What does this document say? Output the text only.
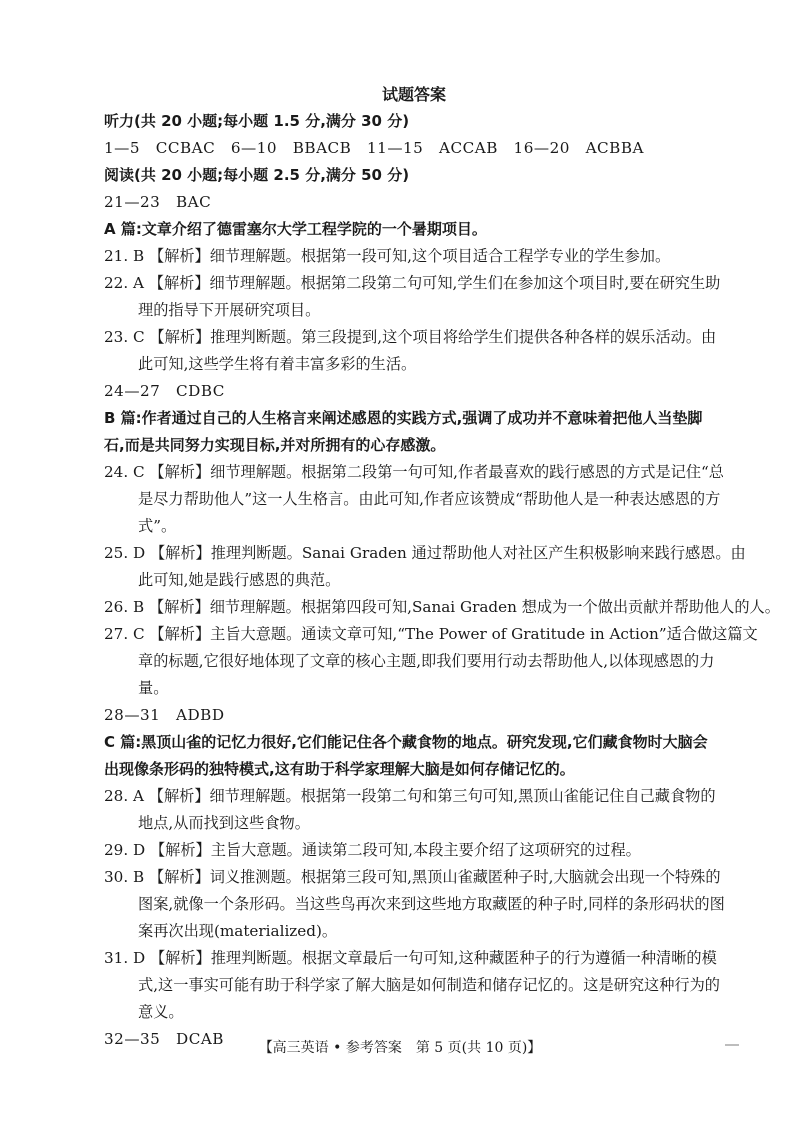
试题答案
听力(共 20 小题;每小题 1.5 分,满分 30 分)
1—5　CCBAC　6—10　BBACB　11—15　ACCAB　16—20　ACBBA
阅读(共 20 小题;每小题 2.5 分,满分 50 分)
21—23　BAC
A 篇:文章介绍了德雷塞尔大学工程学院的一个暑期项目。
21. B 【解析】细节理解题。根据第一段可知,这个项目适合工程学专业的学生参加。
22. A 【解析】细节理解题。根据第二段第二句可知,学生们在参加这个项目时,要在研究生助
理的指导下开展研究项目。
23. C 【解析】推理判断题。第三段提到,这个项目将给学生们提供各种各样的娱乐活动。由
此可知,这些学生将有着丰富多彩的生活。
24—27　CDBC
B 篇:作者通过自己的人生格言来阐述感恩的实践方式,强调了成功并不意味着把他人当垫脚
石,而是共同努力实现目标,并对所拥有的心存感激。
24. C 【解析】细节理解题。根据第二段第一句可知,作者最喜欢的践行感恩的方式是记住“总
是尽力帮助他人”这一人生格言。由此可知,作者应该赞成“帮助他人是一种表达感恩的方
式”。
25. D 【解析】推理判断题。Sanai Graden 通过帮助他人对社区产生积极影响来践行感恩。由
此可知,她是践行感恩的典范。
26. B 【解析】细节理解题。根据第四段可知,Sanai Graden 想成为一个做出贡献并帮助他人的人。
27. C 【解析】主旨大意题。通读文章可知,“The Power of Gratitude in Action”适合做这篇文
章的标题,它很好地体现了文章的核心主题,即我们要用行动去帮助他人,以体现感恩的力
量。
28—31　ADBD
C 篇:黑顶山雀的记忆力很好,它们能记住各个藏食物的地点。研究发现,它们藏食物时大脑会
出现像条形码的独特模式,这有助于科学家理解大脑是如何存储记忆的。
28. A 【解析】细节理解题。根据第一段第二句和第三句可知,黑顶山雀能记住自己藏食物的
地点,从而找到这些食物。
29. D 【解析】主旨大意题。通读第二段可知,本段主要介绍了这项研究的过程。
30. B 【解析】词义推测题。根据第三段可知,黑顶山雀藏匿种子时,大脑就会出现一个特殊的
图案,就像一个条形码。当这些鸟再次来到这些地方取藏匿的种子时,同样的条形码状的图
案再次出现(materialized)。
31. D 【解析】推理判断题。根据文章最后一句可知,这种藏匿种子的行为遵循一种清晰的模
式,这一事实可能有助于科学家了解大脑是如何制造和储存记忆的。这是研究这种行为的
意义。
32—35　DCAB	【高三英语 • 参考答案　第 5 页(共 10 页)】
